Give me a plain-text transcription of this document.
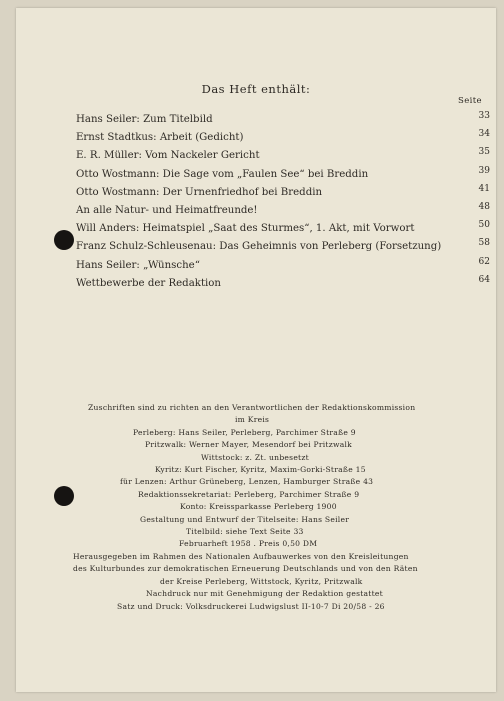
Das Heft enthält:
Seite
Hans Seiler: Zum Titelbild	33
Ernst Stadtkus: Arbeit (Gedicht)	34
E. R. Müller: Vom Nackeler Gericht	35
Otto Wostmann: Die Sage vom „Faulen See“ bei Breddin	39
Otto Wostmann: Der Urnenfriedhof bei Breddin	41
An alle Natur- und Heimatfreunde!	48
Will Anders: Heimatspiel „Saat des Sturmes“, 1. Akt, mit Vorwort	50
Franz Schulz-Schleusenau: Das Geheimnis von Perleberg (Forsetzung)	58
Hans Seiler: „Wünsche“	62
Wettbewerbe der Redaktion	64
Zuschriften sind zu richten an den Verantwortlichen der Redaktionskommission
im Kreis
Perleberg: Hans Seiler, Perleberg, Parchimer Straße 9
Pritzwalk: Werner Mayer, Mesendorf bei Pritzwalk
Wittstock: z. Zt. unbesetzt
Kyritz: Kurt Fischer, Kyritz, Maxim-Gorki-Straße 15
für Lenzen: Arthur Grüneberg, Lenzen, Hamburger Straße 43
Redaktionssekretariat: Perleberg, Parchimer Straße 9
Konto: Kreissparkasse Perleberg 1900
Gestaltung und Entwurf der Titelseite: Hans Seiler
Titelbild: siehe Text Seite 33
Februarheft 1958 . Preis 0,50 DM
Herausgegeben im Rahmen des Nationalen Aufbauwerkes von den Kreisleitungen
des Kulturbundes zur demokratischen Erneuerung Deutschlands und von den Räten
der Kreise Perleberg, Wittstock, Kyritz, Pritzwalk
Nachdruck nur mit Genehmigung der Redaktion gestattet
Satz und Druck: Volksdruckerei Ludwigslust II-10-7 Di 20/58 - 26
